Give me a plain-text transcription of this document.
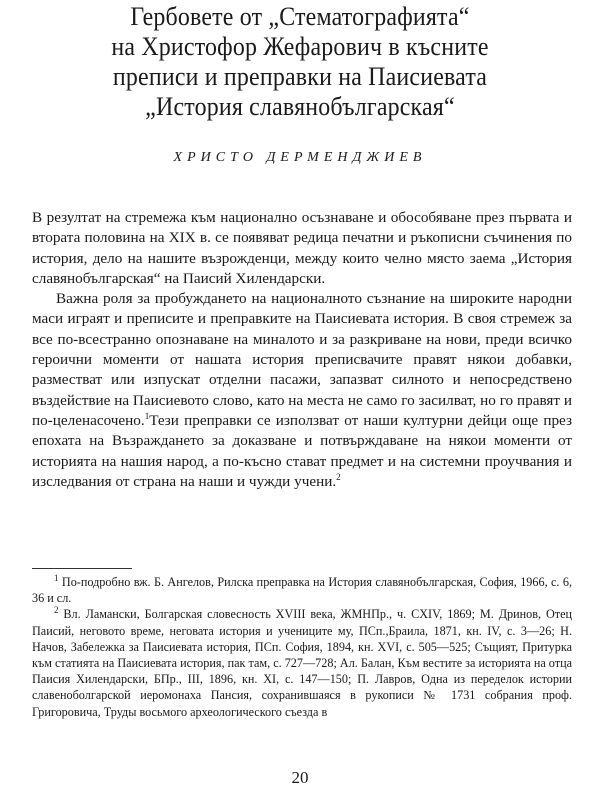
Гербовете от „Стематографията“
на Христофор Жефарович в късните
преписи и преправки на Паисиевата
„История славянобългарская“
ХРИСТО ДЕРМЕНДЖИЕВ

В резултат на стремежа към национално осъзнаване и обособяване през първата и втората половина на XIX в. се появяват редица печатни и ръкописни съчинения по история, дело на нашите възрожденци, между които челно място заема „История славянобългарская“ на Паисий Хилендарски.

Важна роля за пробуждането на националното съзнание на широките народни маси играят и преписите и преправките на Паисиевата история. В своя стремеж за все по-всестранно опознаване на миналото и за разкриване на нови, преди всичко героични моменти от нашата история преписвачите правят някои добавки, разместват или изпускат отделни пасажи, запазват силното и непосредствено въздействие на Паисиевото слово, като на места не само го засилват, но го правят и по-целенасочено.$^1$Тези преправки се използват от наши културни дейци още през епохата на Възраждането за доказване и потвърждаване на някои моменти от историята на нашия народ, а по-късно стават предмет и на системни проучвания и изследвания от страна на наши и чужди учени.$^2$

$^1$ По-подробно вж. Б. Ангелов, Рилска преправка на История славянобългарская, София, 1966, с. 6, 36 и сл.

$^2$ Вл. Ламански, Болгарская словесность XVIII века, ЖМНПр., ч. CXIV, 1869; М. Дринов, Отец Паисий, неговото време, неговата история и учениците му, ПСп.,Браила, 1871, кн. IV, с. 3—26; Н. Начов, Забележка за Паисиевата история, ПСп. София, 1894, кн. XVI, с. 505—525; Същият, Притурка към статията на Паисиевата история, пак там, с. 727—728; Ал. Балан, Към вестите за историята на отца Паисия Хилендарски, БПр., III, 1896, кн. XI, с. 147—150; П. Лавров, Одна из переделок истории славеноболгарской иеромонаха Пансия, сохранившаяся в рукописи № 1731 собрания проф. Григоровича, Труды восьмого археологического съезда в

20
